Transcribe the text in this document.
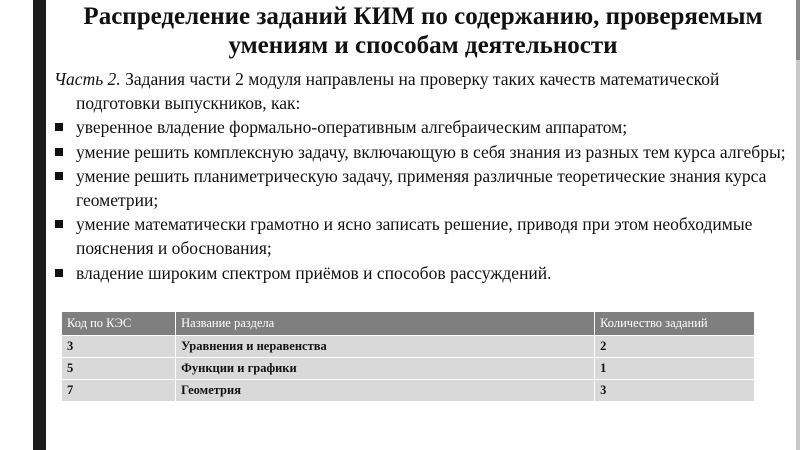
Распределение заданий КИМ по содержанию, проверяемым
умениям и способам деятельности

Часть 2. Задания части 2 модуля направлены на проверку таких качеств математической подготовки выпускников, как:

уверенное владение формально-оперативным алгебраическим аппаратом;
умение решить комплексную задачу, включающую в себя знания из разных тем курса алгебры;
умение решить планиметрическую задачу, применяя различные теоретические знания курса геометрии;
умение математически грамотно и ясно записать решение, приводя при этом необходимые пояснения и обоснования;
владение широким спектром приёмов и способов рассуждений.
Код по КЭС	Название раздела	Количество заданий
3	Уравнения и неравенства	2
5	Функции и графики	1
7	Геометрия	3
